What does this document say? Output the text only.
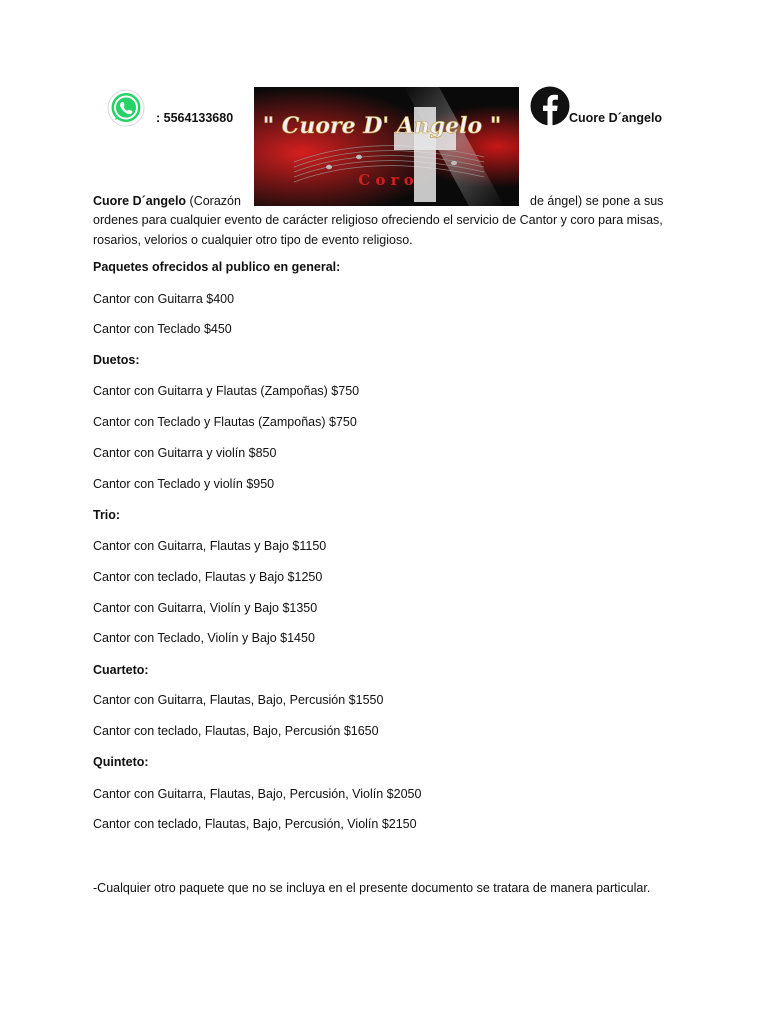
: 5564133680 " Cuore D' Angelo "
C o r o
Cuore D´angelo
Cuore D´angelo (Corazón	de ángel) se pone a sus
ordenes para cualquier evento de carácter religioso ofreciendo el servicio de Cantor y coro para misas, rosarios, velorios o cualquier otro tipo de evento religioso.
Paquetes ofrecidos al publico en general:
Cantor con Guitarra $400
Cantor con Teclado $450
Duetos:
Cantor con Guitarra y Flautas (Zampoñas) $750
Cantor con Teclado y Flautas (Zampoñas) $750
Cantor con Guitarra y violín $850
Cantor con Teclado y violín $950
Trio:
Cantor con Guitarra, Flautas y Bajo $1150
Cantor con teclado, Flautas y Bajo $1250
Cantor con Guitarra, Violín y Bajo $1350
Cantor con Teclado, Violín y Bajo $1450
Cuarteto:
Cantor con Guitarra, Flautas, Bajo, Percusión $1550
Cantor con teclado, Flautas, Bajo, Percusión $1650
Quinteto:
Cantor con Guitarra, Flautas, Bajo, Percusión, Violín $2050
Cantor con teclado, Flautas, Bajo, Percusión, Violín $2150
-Cualquier otro paquete que no se incluya en el presente documento se tratara de manera particular.
